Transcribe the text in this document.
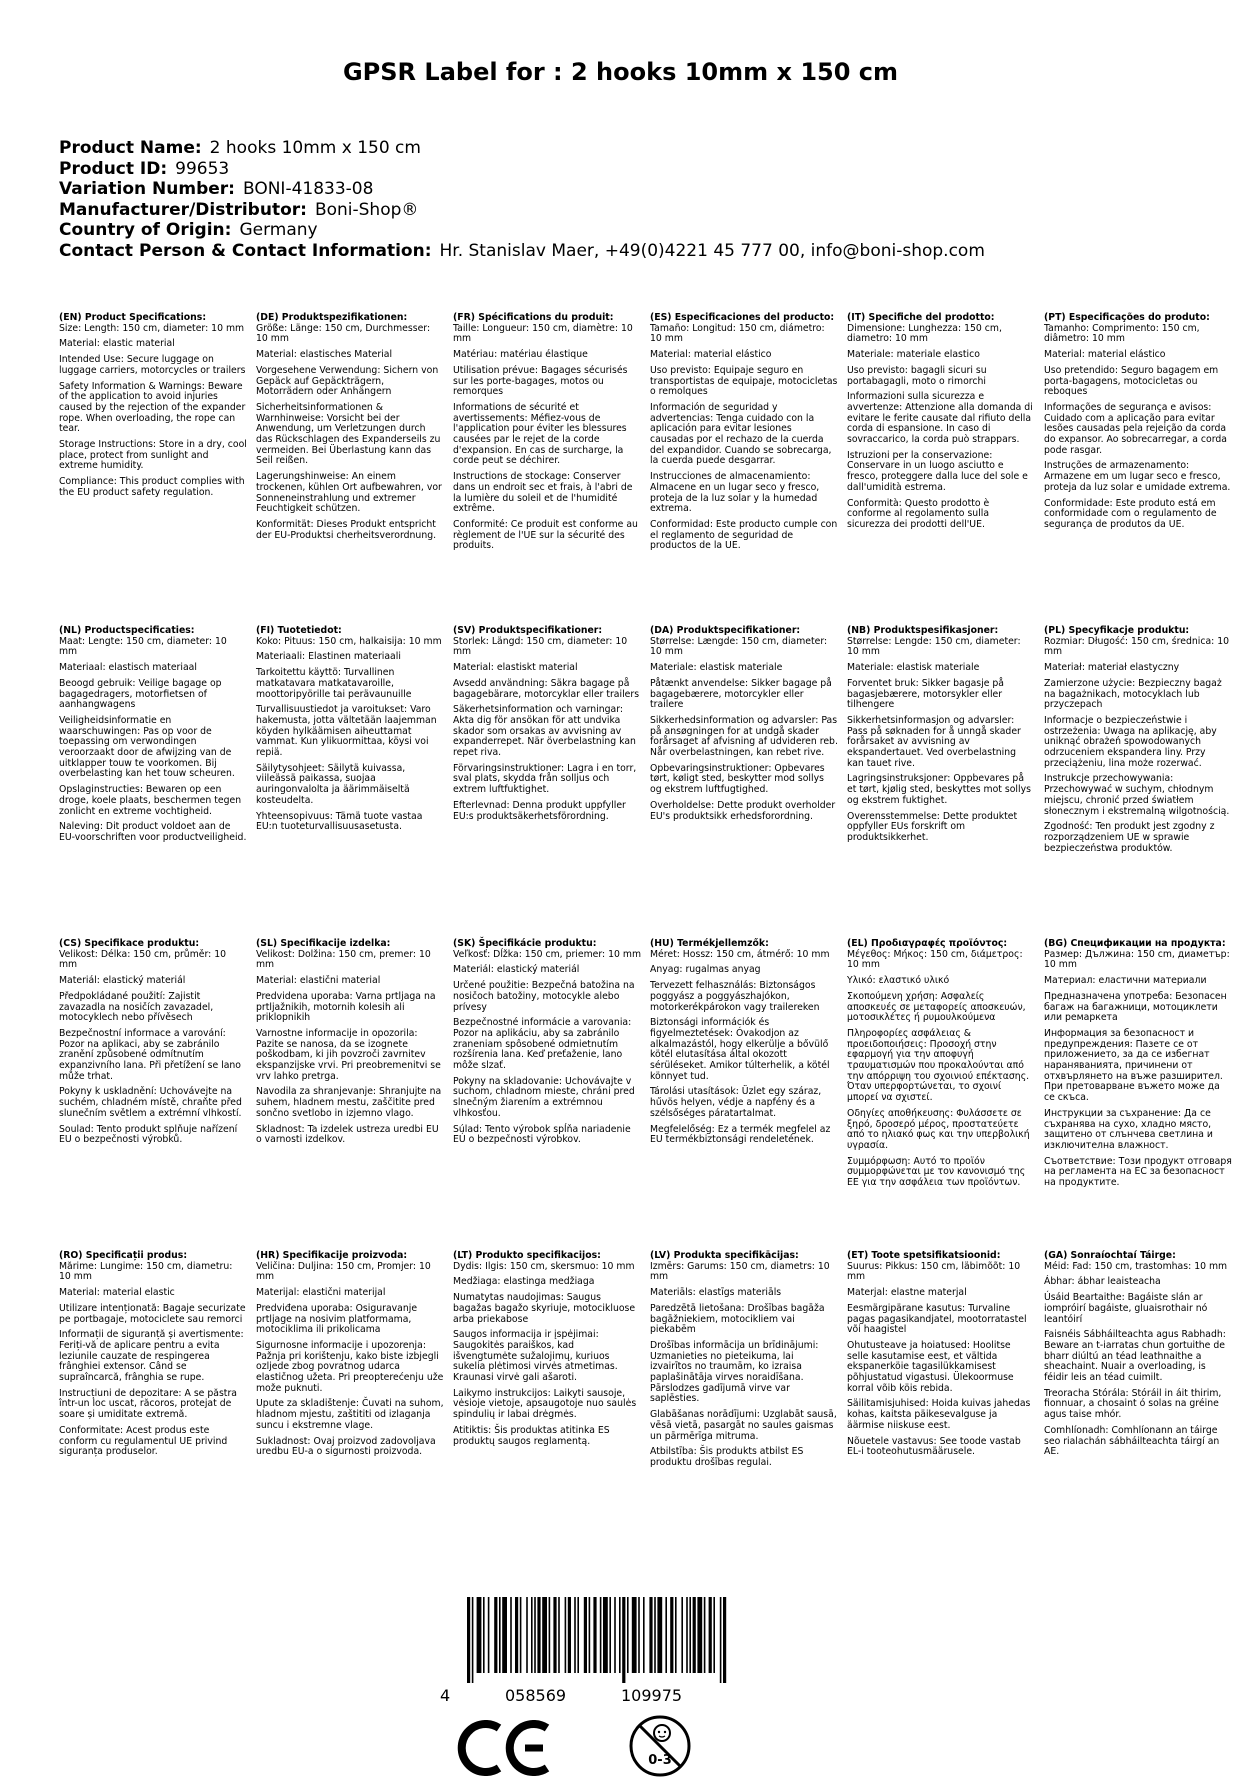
GPSR Label for : 2 hooks 10mm x 150 cm
Product Name: 2 hooks 10mm x 150 cm
Product ID: 99653
Variation Number: BONI-41833-08
Manufacturer/Distributor: Boni-Shop®
Country of Origin: Germany
Contact Person & Contact Information: Hr. Stanislav Maer, +49(0)4221 45 777 00, info@boni-shop.com
(EN) Product Specifications:
Size: Length: 150 cm, diameter: 10 mm
Material: elastic material
Intended Use: Secure luggage on luggage carriers, motorcycles or trailers
Safety Information & Warnings: Beware of the application to avoid injuries caused by the rejection of the expander rope. When overloading, the rope can tear.
Storage Instructions: Store in a dry, cool place, protect from sunlight and extreme humidity.
Compliance: This product complies with the EU product safety regulation.
(DE) Produktspezifikationen:
Größe: Länge: 150 cm, Durchmesser: 10 mm
Material: elastisches Material
Vorgesehene Verwendung: Sichern von Gepäck auf Gepäckträgern, Motorrädern oder Anhängern
Sicherheitsinformationen & Warnhinweise: Vorsicht bei der Anwendung, um Verletzungen durch das Rückschlagen des Expanderseils zu vermeiden. Bei Überlastung kann das Seil reißen.
Lagerungshinweise: An einem trockenen, kühlen Ort aufbewahren, vor Sonneneinstrahlung und extremer Feuchtigkeit schützen.
Konformität: Dieses Produkt entspricht der EU-Produktsi cherheitsverordnung.
(FR) Spécifications du produit:
Taille: Longueur: 150 cm, diamètre: 10 mm
Matériau: matériau élastique
Utilisation prévue: Bagages sécurisés sur les porte-bagages, motos ou remorques
Informations de sécurité et avertissements: Méfiez-vous de l'application pour éviter les blessures causées par le rejet de la corde d'expansion. En cas de surcharge, la corde peut se déchirer.
Instructions de stockage: Conserver dans un endroit sec et frais, à l'abri de la lumière du soleil et de l'humidité extrême.
Conformité: Ce produit est conforme au règlement de l'UE sur la sécurité des produits.
(ES) Especificaciones del producto:
Tamaño: Longitud: 150 cm, diámetro: 10 mm
Material: material elástico
Uso previsto: Equipaje seguro en transportistas de equipaje, motocicletas o remolques
Información de seguridad y advertencias: Tenga cuidado con la aplicación para evitar lesiones causadas por el rechazo de la cuerda del expandidor. Cuando se sobrecarga, la cuerda puede desgarrar.
Instrucciones de almacenamiento: Almacene en un lugar seco y fresco, proteja de la luz solar y la humedad extrema.
Conformidad: Este producto cumple con el reglamento de seguridad de productos de la UE.
(IT) Specifiche del prodotto:
Dimensione: Lunghezza: 150 cm, diametro: 10 mm
Materiale: materiale elastico
Uso previsto: bagagli sicuri su portabagagli, moto o rimorchi
Informazioni sulla sicurezza e avvertenze: Attenzione alla domanda di evitare le ferite causate dal rifiuto della corda di espansione. In caso di sovraccarico, la corda può strappars.
Istruzioni per la conservazione: Conservare in un luogo asciutto e fresco, proteggere dalla luce del sole e dall'umidità estrema.
Conformità: Questo prodotto è conforme al regolamento sulla sicurezza dei prodotti dell'UE.
(PT) Especificações do produto:
Tamanho: Comprimento: 150 cm, diâmetro: 10 mm
Material: material elástico
Uso pretendido: Seguro bagagem em porta-bagagens, motocicletas ou reboques
Informações de segurança e avisos: Cuidado com a aplicação para evitar lesões causadas pela rejeição da corda do expansor. Ao sobrecarregar, a corda pode rasgar.
Instruções de armazenamento: Armazene em um lugar seco e fresco, proteja da luz solar e umidade extrema.
Conformidade: Este produto está em conformidade com o regulamento de segurança de produtos da UE.
(NL) Productspecificaties:
Maat: Lengte: 150 cm, diameter: 10 mm
Materiaal: elastisch materiaal
Beoogd gebruik: Veilige bagage op bagagedragers, motorfietsen of aanhangwagens
Veiligheidsinformatie en waarschuwingen: Pas op voor de toepassing om verwondingen veroorzaakt door de afwijzing van de uitklapper touw te voorkomen. Bij overbelasting kan het touw scheuren.
Opslaginstructies: Bewaren op een droge, koele plaats, beschermen tegen zonlicht en extreme vochtigheid.
Naleving: Dit product voldoet aan de EU-voorschriften voor productveiligheid.
(FI) Tuotetiedot:
Koko: Pituus: 150 cm, halkaisija: 10 mm
Materiaali: Elastinen materiaali
Tarkoitettu käyttö: Turvallinen matkatavara matkatavaroille, moottoripyörille tai perävaunuille
Turvallisuustiedot ja varoitukset: Varo hakemusta, jotta vältetään laajemman köyden hylkäämisen aiheuttamat vammat. Kun ylikuormittaa, köysi voi repiä.
Säilytysohjeet: Säilytä kuivassa, viileässä paikassa, suojaa auringonvalolta ja äärimmäiseltä kosteudelta.
Yhteensopivuus: Tämä tuote vastaa EU:n tuoteturvallisuusasetusta.
(SV) Produktspecifikationer:
Storlek: Längd: 150 cm, diameter: 10 mm
Material: elastiskt material
Avsedd användning: Säkra bagage på bagagebärare, motorcyklar eller trailers
Säkerhetsinformation och varningar: Akta dig för ansökan för att undvika skador som orsakas av avvisning av expanderrepet. När överbelastning kan repet riva.
Förvaringsinstruktioner: Lagra i en torr, sval plats, skydda från solljus och extrem luftfuktighet.
Efterlevnad: Denna produkt uppfyller EU:s produktsäkerhetsförordning.
(DA) Produktspecifikationer:
Størrelse: Længde: 150 cm, diameter: 10 mm
Materiale: elastisk materiale
Påtænkt anvendelse: Sikker bagage på bagagebærere, motorcykler eller trailere
Sikkerhedsinformation og advarsler: Pas på ansøgningen for at undgå skader forårsaget af afvisning af udvideren reb. Når overbelastningen, kan rebet rive.
Opbevaringsinstruktioner: Opbevares tørt, køligt sted, beskytter mod sollys og ekstrem luftfugtighed.
Overholdelse: Dette produkt overholder EU's produktsikk erhedsforordning.
(NB) Produktspesifikasjoner:
Størrelse: Lengde: 150 cm, diameter: 10 mm
Materiale: elastisk materiale
Forventet bruk: Sikker bagasje på bagasjebærere, motorsykler eller tilhengere
Sikkerhetsinformasjon og advarsler: Pass på søknaden for å unngå skader forårsaket av avvisning av ekspandertauet. Ved overbelastning kan tauet rive.
Lagringsinstruksjoner: Oppbevares på et tørt, kjølig sted, beskyttes mot sollys og ekstrem fuktighet.
Overensstemmelse: Dette produktet oppfyller EUs forskrift om produktsikkerhet.
(PL) Specyfikacje produktu:
Rozmiar: Długość: 150 cm, średnica: 10 mm
Materiał: materiał elastyczny
Zamierzone użycie: Bezpieczny bagaż na bagażnikach, motocyklach lub przyczepach
Informacje o bezpieczeństwie i ostrzeżenia: Uwaga na aplikację, aby uniknąć obrażeń spowodowanych odrzuceniem ekspandera liny. Przy przeciążeniu, lina może rozerwać.
Instrukcje przechowywania: Przechowywać w suchym, chłodnym miejscu, chronić przed światłem słonecznym i ekstremalną wilgotnością.
Zgodność: Ten produkt jest zgodny z rozporządzeniem UE w sprawie bezpieczeństwa produktów.
(CS) Specifikace produktu:
Velikost: Délka: 150 cm, průměr: 10 mm
Materiál: elastický materiál
Předpokládané použití: Zajistit zavazadla na nosičích zavazadel, motocyklech nebo přívěsech
Bezpečnostní informace a varování: Pozor na aplikaci, aby se zabránilo zranění způsobené odmítnutím expanzivního lana. Při přetížení se lano může trhat.
Pokyny k uskladnění: Uchovávejte na suchém, chladném místě, chraňte před slunečním světlem a extrémní vlhkostí.
Soulad: Tento produkt splňuje nařízení EU o bezpečnosti výrobků.
(SL) Specifikacije izdelka:
Velikost: Dolžina: 150 cm, premer: 10 mm
Material: elastični material
Predvidena uporaba: Varna prtljaga na prtljažnikih, motornih kolesih ali priklopnikih
Varnostne informacije in opozorila: Pazite se nanosa, da se izognete poškodbam, ki jih povzroči zavrnitev ekspanzijske vrvi. Pri preobremenitvi se vrv lahko pretrga.
Navodila za shranjevanje: Shranjujte na suhem, hladnem mestu, zaščitite pred sončno svetlobo in izjemno vlago.
Skladnost: Ta izdelek ustreza uredbi EU o varnosti izdelkov.
(SK) Špecifikácie produktu:
Veľkosť: Dĺžka: 150 cm, priemer: 10 mm
Materiál: elastický materiál
Určené použitie: Bezpečná batožina na nosičoch batožiny, motocykle alebo prívesy
Bezpečnostné informácie a varovania: Pozor na aplikáciu, aby sa zabránilo zraneniam spôsobené odmietnutím rozšírenia lana. Keď preťaženie, lano môže slzať.
Pokyny na skladovanie: Uchovávajte v suchom, chladnom mieste, chráni pred slnečným žiarením a extrémnou vlhkosťou.
Súlad: Tento výrobok spĺňa nariadenie EÚ o bezpečnosti výrobkov.
(HU) Termékjellemzők:
Méret: Hossz: 150 cm, átmérő: 10 mm
Anyag: rugalmas anyag
Tervezett felhasználás: Biztonságos poggyász a poggyászhajókon, motorkerékpárokon vagy trailereken
Biztonsági információk és figyelmeztetések: Óvakodjon az alkalmazástól, hogy elkerülje a bővülő kötél elutasítása által okozott sérüléseket. Amikor túlterhelik, a kötél könnyet tud.
Tárolási utasítások: Üzlet egy száraz, hűvös helyen, védje a napfény és a szélsőséges páratartalmat.
Megfelelőség: Ez a termék megfelel az EU termékbiztonsági rendeletének.
(EL) Προδιαγραφές προϊόντος:
Μέγεθος: Μήκος: 150 cm, διάμετρος: 10 mm
Υλικό: ελαστικό υλικό
Σκοπούμενη χρήση: Ασφαλείς αποσκευές σε μεταφορείς αποσκευών, μοτοσικλέτες ή ρυμουλκούμενα
Πληροφορίες ασφάλειας & προειδοποιήσεις: Προσοχή στην εφαρμογή για την αποφυγή τραυματισμών που προκαλούνται από την απόρριψη του σχοινιού επέκτασης. Όταν υπερφορτώνεται, το σχοινί μπορεί να σχιστεί.
Οδηγίες αποθήκευσης: Φυλάσσετε σε ξηρό, δροσερό μέρος, προστατεύετε από το ηλιακό φως και την υπερβολική υγρασία.
Συμμόρφωση: Αυτό το προϊόν συμμορφώνεται με τον κανονισμό της ΕΕ για την ασφάλεια των προϊόντων.
(BG) Спецификации на продукта:
Размер: Дължина: 150 cm, диаметър: 10 mm
Материал: еластични материали
Предназначена употреба: Безопасен багаж на багажници, мотоциклети или ремаркета
Информация за безопасност и предупреждения: Пазете се от приложението, за да се избегнат нараняванията, причинени от отхвърлянето на въже разширител. При претоварване въжето може да се скъса.
Инструкции за съхранение: Да се съхранява на сухо, хладно място, защитено от слънчева светлина и изключителна влажност.
Съответствие: Този продукт отговаря на регламента на ЕС за безопасност на продуктите.
(RO) Specificații produs:
Mărime: Lungime: 150 cm, diametru: 10 mm
Material: material elastic
Utilizare intenționată: Bagaje securizate pe portbagaje, motociclete sau remorci
Informații de siguranță și avertismente: Feriți-vă de aplicare pentru a evita leziunile cauzate de respingerea frânghiei extensor. Când se supraîncarcă, frânghia se rupe.
Instrucțiuni de depozitare: A se păstra într-un loc uscat, răcoros, protejat de soare și umiditate extremă.
Conformitate: Acest produs este conform cu regulamentul UE privind siguranța produselor.
(HR) Specifikacije proizvoda:
Veličina: Duljina: 150 cm, Promjer: 10 mm
Materijal: elastični materijal
Predviđena uporaba: Osiguravanje prtljage na nosivim platformama, motociklima ili prikolicama
Sigurnosne informacije i upozorenja: Pažnja pri korištenju, kako biste izbjegli ozljede zbog povratnog udarca elastičnog užeta. Pri preopterećenju uže može puknuti.
Upute za skladištenje: Čuvati na suhom, hladnom mjestu, zaštititi od izlaganja suncu i ekstremne vlage.
Sukladnost: Ovaj proizvod zadovoljava uredbu EU-a o sigurnosti proizvoda.
(LT) Produkto specifikacijos:
Dydis: Ilgis: 150 cm, skersmuo: 10 mm
Medžiaga: elastinga medžiaga
Numatytas naudojimas: Saugus bagažas bagažo skyriuje, motocikluose arba priekabose
Saugos informacija ir įspėjimai: Saugokitės paraiškos, kad išvengtumėte sužalojimų, kuriuos sukelia plėtimosi virvės atmetimas. Kraunasi virvė gali ašaroti.
Laikymo instrukcijos: Laikyti sausoje, vėsioje vietoje, apsaugotoje nuo saulės spindulių ir labai drėgmės.
Atitiktis: Šis produktas atitinka ES produktų saugos reglamentą.
(LV) Produkta specifikācijas:
Izmērs: Garums: 150 cm, diametrs: 10 mm
Materiāls: elastīgs materiāls
Paredzētā lietošana: Drošības bagāža bagāžniekiem, motocikliem vai piekabēm
Drošības informācija un brīdinājumi: Uzmanieties no pieteikuma, lai izvairītos no traumām, ko izraisa paplašinātāja virves noraidīšana. Pārslodzes gadījumā virve var saplēsties.
Glabāšanas norādījumi: Uzglabāt sausā, vēsā vietā, pasargāt no saules gaismas un pārmērīga mitruma.
Atbilstība: Šis produkts atbilst ES produktu drošības regulai.
(ET) Toote spetsifikatsioonid:
Suurus: Pikkus: 150 cm, läbimõõt: 10 mm
Materjal: elastne materjal
Eesmärgipärane kasutus: Turvaline pagas pagasikandjatel, mootorratastel või haagistel
Ohutusteave ja hoiatused: Hoolitse selle kasutamise eest, et vältida ekspanerköie tagasilükkamisest põhjustatud vigastusi. Ülekoormuse korral võib köis rebida.
Säilitamisjuhised: Hoida kuivas jahedas kohas, kaitsta päikesevalguse ja äärmise niiskuse eest.
Nõuetele vastavus: See toode vastab EL-i tooteohutusmäärusele.
(GA) Sonraíochtaí Táirge:
Méid: Fad: 150 cm, trastomhas: 10 mm
Ábhar: ábhar leaisteacha
Úsáid Beartaithe: Bagáiste slán ar iompróirí bagáiste, gluaisrothair nó leantóirí
Faisnéis Sábháilteachta agus Rabhadh: Beware an t-iarratas chun gortuithe de bharr diúltú an téad leathnaithe a sheachaint. Nuair a overloading, is féidir leis an téad cuimilt.
Treoracha Stórála: Stóráil in áit thirim, fionnuar, a chosaint ó solas na gréine agus taise mhór.
Comhlíonadh: Comhlíonann an táirge seo rialachán sábháilteachta táirgí an AE.
4	058569	109975
0-3
